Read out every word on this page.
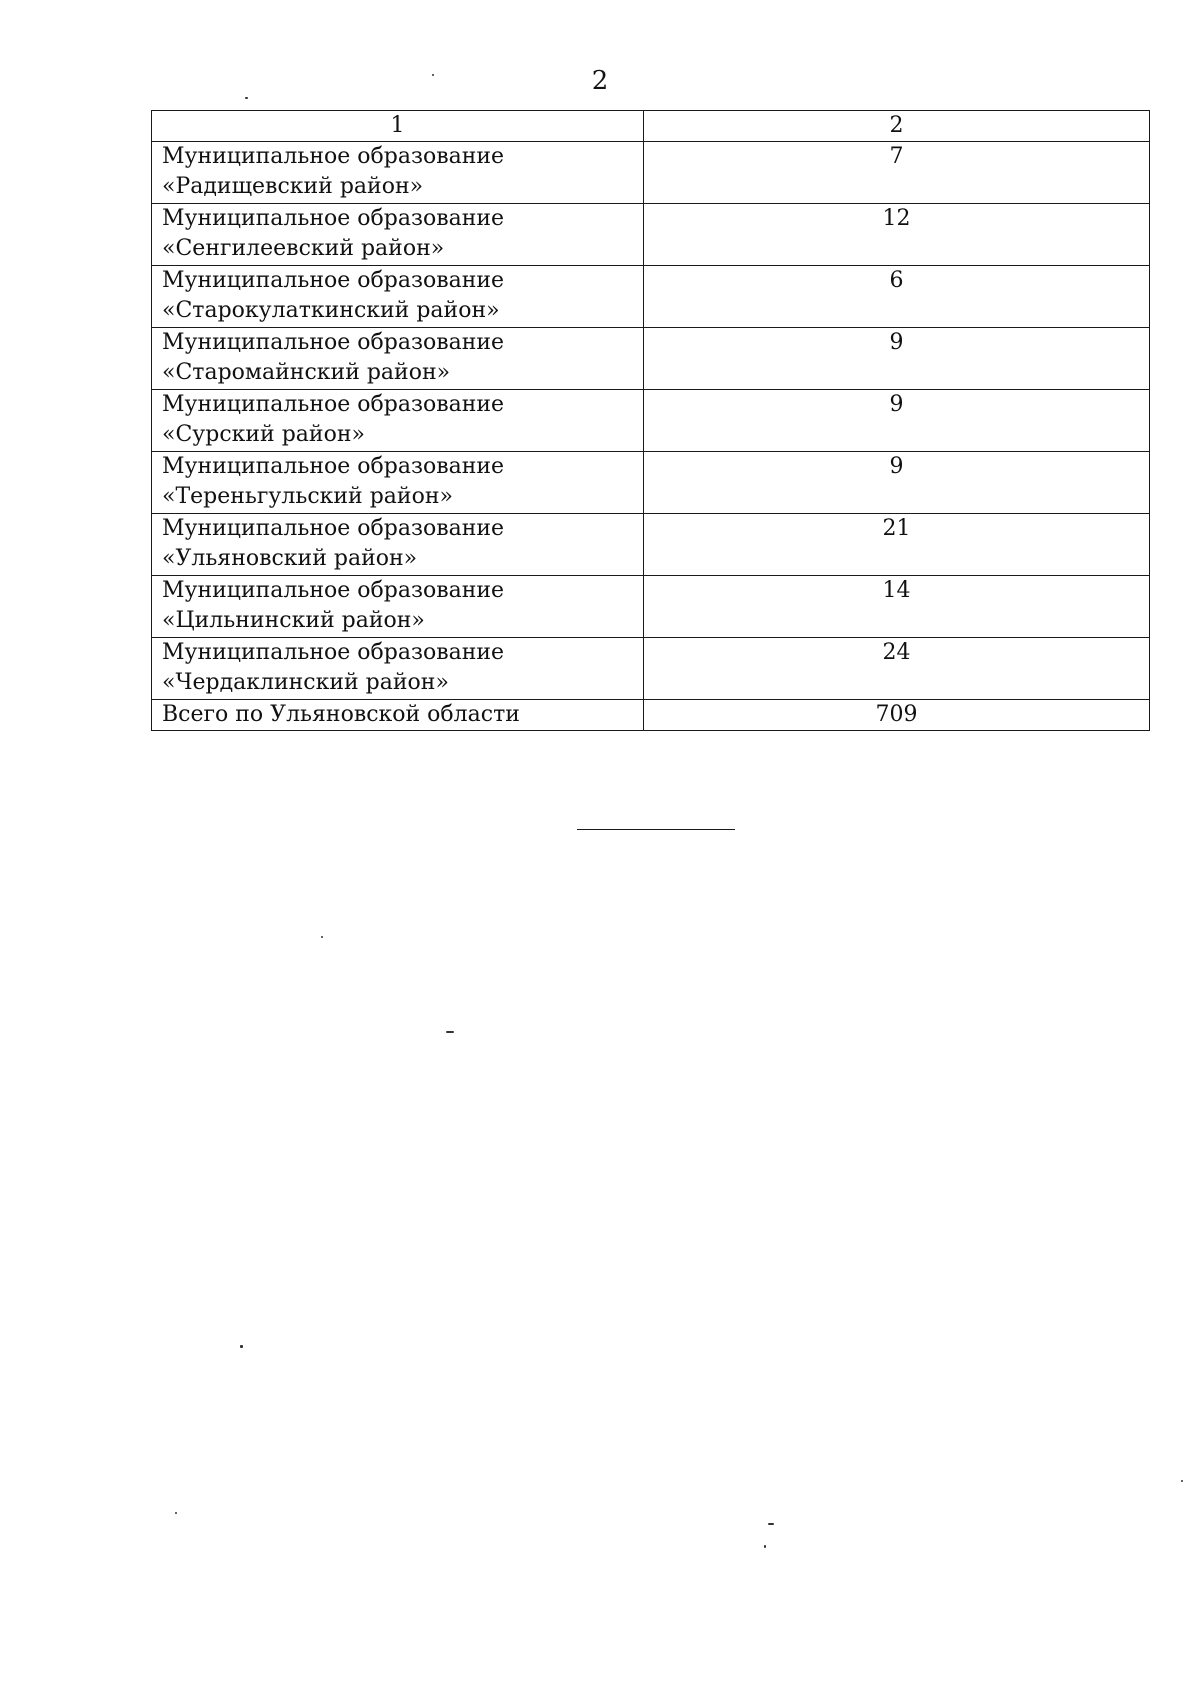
2
1	2

Муниципальное образование
«Радищевский район»	7

Муниципальное образование
«Сенгилеевский район»	12

Муниципальное образование
«Старокулаткинский район»	6

Муниципальное образование
«Старомайнский район»	9

Муниципальное образование
«Сурский район»	9

Муниципальное образование
«Тереньгульский район»	9

Муниципальное образование
«Ульяновский район»	21

Муниципальное образование
«Цильнинский район»	14

Муниципальное образование
«Чердаклинский район»	24
Всего по Ульяновской области	709
